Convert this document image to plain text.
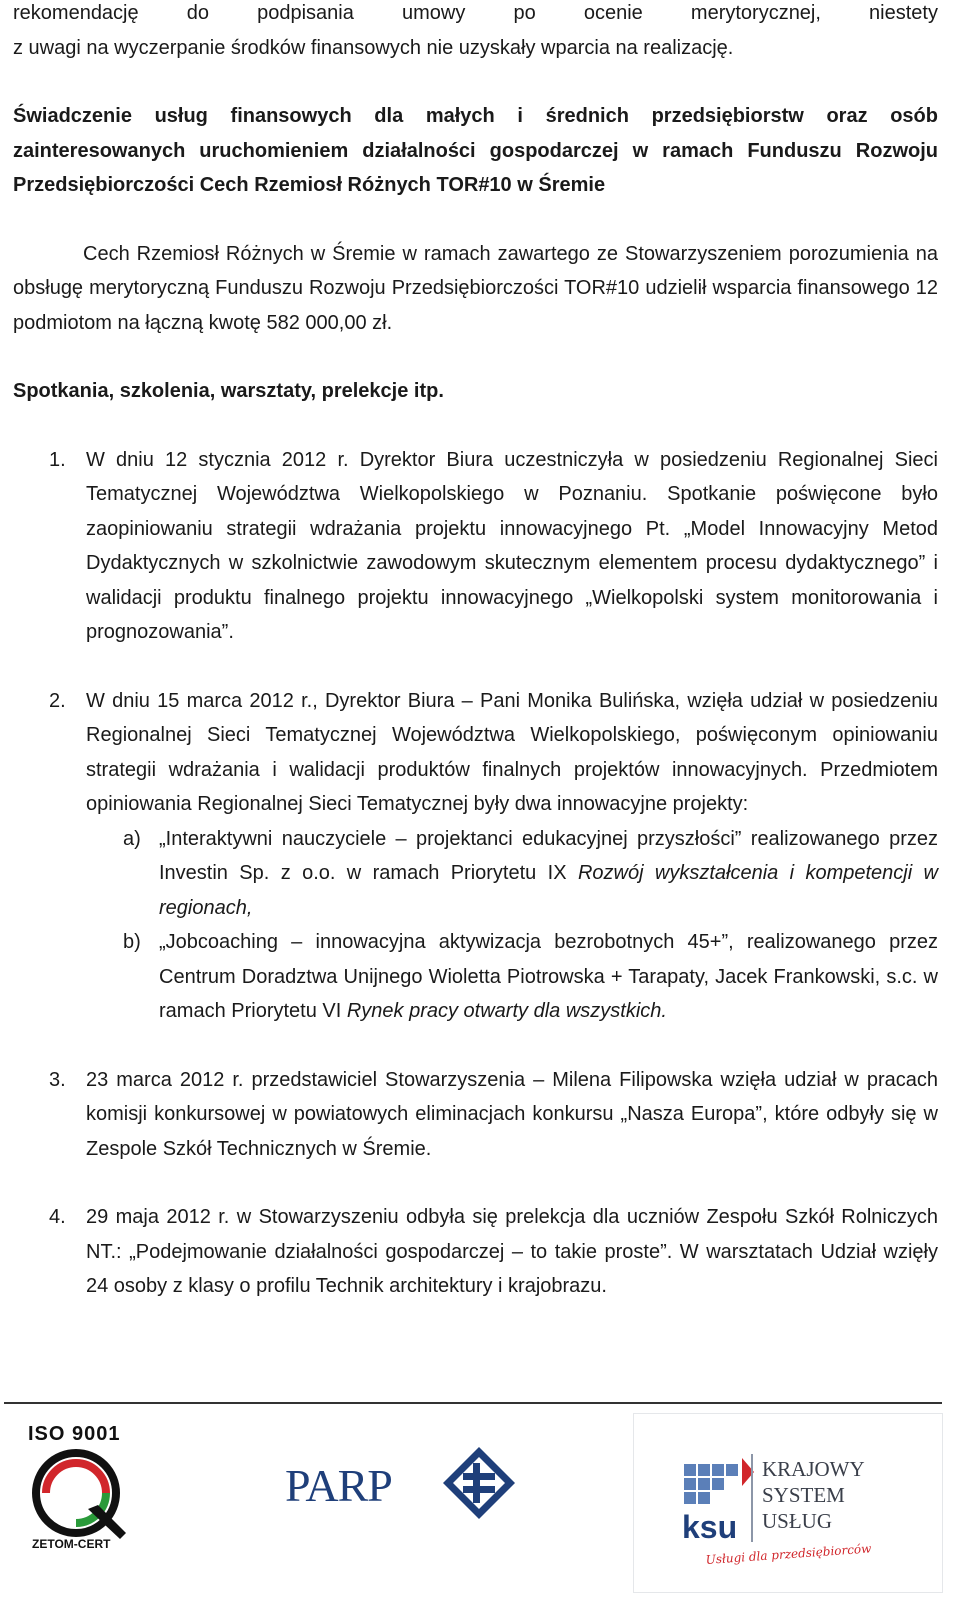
rekomendację do podpisania umowy po ocenie merytorycznej, niestety

z uwagi na wyczerpanie środków finansowych nie uzyskały wparcia na realizację.

Świadczenie usług finansowych dla małych i średnich przedsiębiorstw oraz osób zainteresowanych uruchomieniem działalności gospodarczej w ramach Funduszu Rozwoju Przedsiębiorczości Cech Rzemiosł Różnych TOR#10 w Śremie

Cech Rzemiosł Różnych w Śremie w ramach zawartego ze Stowarzyszeniem porozumienia na obsługę merytoryczną Funduszu Rozwoju Przedsiębiorczości TOR#10 udzielił wsparcia finansowego 12 podmiotom na łączną kwotę 582 000,00 zł.

Spotkania, szkolenia, warsztaty, prelekcje itp.

1. W dniu 12 stycznia 2012 r. Dyrektor Biura uczestniczyła w posiedzeniu Regionalnej Sieci Tematycznej Województwa Wielkopolskiego w Poznaniu. Spotkanie poświęcone było zaopiniowaniu strategii wdrażania projektu innowacyjnego Pt. „Model Innowacyjny Metod Dydaktycznych w szkolnictwie zawodowym skutecznym elementem procesu dydaktycznego” i walidacji produktu finalnego projektu innowacyjnego „Wielkopolski system monitorowania i prognozowania”.

2. W dniu 15 marca 2012 r., Dyrektor Biura – Pani Monika Bulińska, wzięła udział w posiedzeniu Regionalnej Sieci Tematycznej Województwa Wielkopolskiego, poświęconym opiniowaniu strategii wdrażania i walidacji produktów finalnych projektów innowacyjnych. Przedmiotem opiniowania Regionalnej Sieci Tematycznej były dwa innowacyjne projekty:

a) „Interaktywni nauczyciele – projektanci edukacyjnej przyszłości” realizowanego przez Investin Sp. z o.o. w ramach Priorytetu IX Rozwój wykształcenia i kompetencji w regionach,

b) „Jobcoaching – innowacyjna aktywizacja bezrobotnych 45+”, realizowanego przez Centrum Doradztwa Unijnego Wioletta Piotrowska + Tarapaty, Jacek Frankowski, s.c. w ramach Priorytetu VI Rynek pracy otwarty dla wszystkich.

3. 23 marca 2012 r. przedstawiciel Stowarzyszenia – Milena Filipowska wzięła udział w pracach komisji konkursowej w powiatowych eliminacjach konkursu „Nasza Europa”, które odbyły się w Zespole Szkół Technicznych w Śremie.

4. 29 maja 2012 r. w Stowarzyszeniu odbyła się prelekcja dla uczniów Zespołu Szkół Rolniczych NT.: „Podejmowanie działalności gospodarczej – to takie proste”. W warsztatach Udział wzięły 24 osoby z klasy o profilu Technik architektury i krajobrazu.

ISO 9001
ZETOM-CERT
PARP
ksu
KRAJOWY
SYSTEM
USŁUG
Usługi dla przedsiębiorców
